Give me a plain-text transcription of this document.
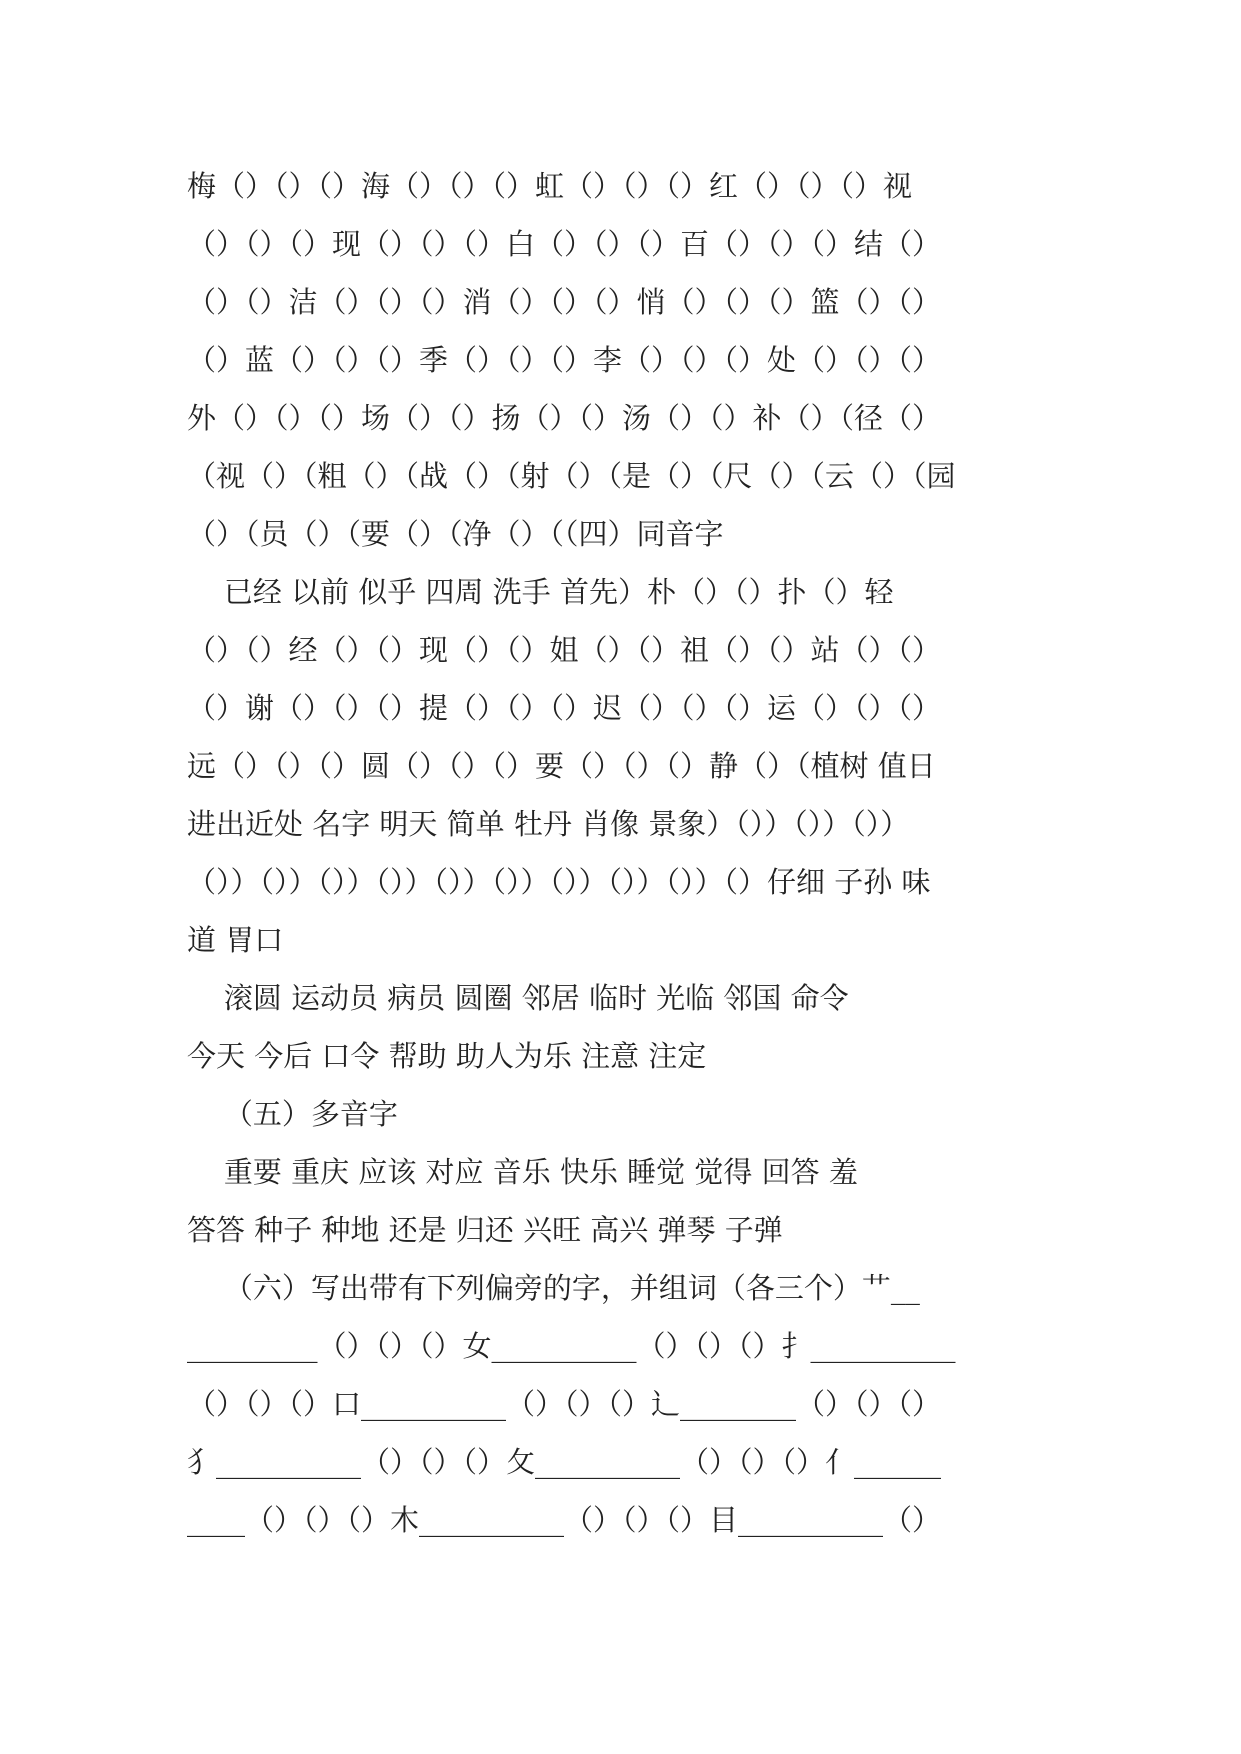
梅（）（）（）海（）（）（）虹（）（）（）红（）（）（）视
（）（）（）现（）（）（）白（）（）（）百（）（）（）结（）
（）（）洁（）（）（）消（）（）（）悄（）（）（）篮（）（）
（）蓝（）（）（）季（）（）（）李（）（）（）处（）（）（）
外（）（）（）场（）（）扬（）（）汤（）（）补（）（径（）
（视（）（粗（）（战（）（射（）（是（）（尺（）（云（）（园
（）（员（）（要（）（净（）（（四）同音字
已经 以前 似乎 四周 洗手 首先）朴（）（）扑（）轻
（）（）经（）（）现（）（）姐（）（）祖（）（）站（）（）
（）谢（）（）（）提（）（）（）迟（）（）（）运（）（）（）
远（）（）（）圆（）（）（）要（）（）（）静（）（植树 值日
进出近处 名字 明天 简单 牡丹 肖像 景象）（））（））（））
（））（））（））（））（））（））（））（））（））（）仔细 子孙 味
道 胃口
滚圆 运动员 病员 圆圈 邻居 临时 光临 邻国 命令
今天 今后 口令 帮助 助人为乐 注意 注定
（五）多音字
重要 重庆 应该 对应 音乐 快乐 睡觉 觉得 回答 羞
答答 种子 种地 还是 归还 兴旺 高兴 弹琴 子弹
（六）写出带有下列偏旁的字，并组词（各三个）艹__
_________（）（）（）女__________（）（）（）扌__________
（）（）（）口__________（）（）（）辶________（）（）（）
犭__________（）（）（）攵__________（）（）（）亻______
____（）（）（）木__________（）（）（）目__________（）
